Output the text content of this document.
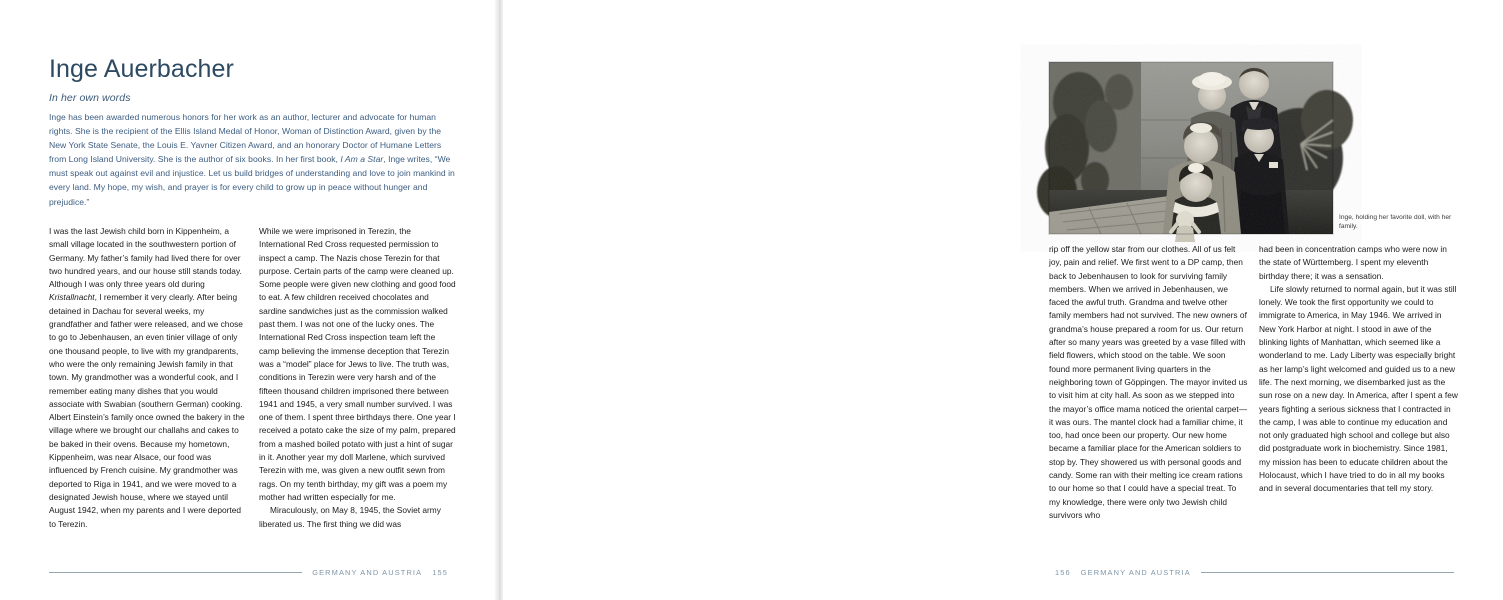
Inge Auerbacher
In her own words

Inge has been awarded numerous honors for her work as an author, lecturer and advocate for human rights. She is the recipient of the Ellis Island Medal of Honor, Woman of Distinction Award, given by the New York State Senate, the Louis E. Yavner Citizen Award, and an honorary Doctor of Humane Letters from Long Island University. She is the author of six books. In her first book, I Am a Star, Inge writes, “We must speak out against evil and injustice. Let us build bridges of understanding and love to join mankind in every land. My hope, my wish, and prayer is for every child to grow up in peace without hunger and prejudice.”

I was the last Jewish child born in Kippenheim, a small village located in the southwestern portion of Germany. My father’s family had lived there for over two hundred years, and our house still stands today. Although I was only three years old during Kristallnacht, I remember it very clearly. After being detained in Dachau for several weeks, my grandfather and father were released, and we chose to go to Jebenhausen, an even tinier village of only one thousand people, to live with my grandparents, who were the only remaining Jewish family in that town. My grandmother was a wonderful cook, and I remember eating many dishes that you would associate with Swabian (southern German) cooking. Albert Einstein’s family once owned the bakery in the village where we brought our challahs and cakes to be baked in their ovens. Because my hometown, Kippenheim, was near Alsace, our food was influenced by French cuisine. My grandmother was deported to Riga in 1941, and we were moved to a designated Jewish house, where we stayed until August 1942, when my parents and I were deported to Terezin.

While we were imprisoned in Terezin, the International Red Cross requested permission to inspect a camp. The Nazis chose Terezin for that purpose. Certain parts of the camp were cleaned up. Some people were given new clothing and good food to eat. A few children received chocolates and sardine sandwiches just as the commission walked past them. I was not one of the lucky ones. The International Red Cross inspection team left the camp believing the immense deception that Terezin was a “model” place for Jews to live. The truth was, conditions in Terezin were very harsh and of the fifteen thousand children imprisoned there between 1941 and 1945, a very small number survived. I was one of them. I spent three birthdays there. One year I received a potato cake the size of my palm, prepared from a mashed boiled potato with just a hint of sugar in it. Another year my doll Marlene, which survived Terezin with me, was given a new outfit sewn from rags. On my tenth birthday, my gift was a poem my mother had written especially for me.

Miraculously, on May 8, 1945, the Soviet army liberated us. The first thing we did was

GERMANY AND AUSTRIA 155
Inge, holding her favorite doll, with her family.

rip off the yellow star from our clothes. All of us felt joy, pain and relief. We first went to a DP camp, then back to Jebenhausen to look for surviving family members. When we arrived in Jebenhausen, we faced the awful truth. Grandma and twelve other family members had not survived. The new owners of grandma’s house prepared a room for us. Our return after so many years was greeted by a vase filled with field flowers, which stood on the table. We soon found more permanent living quarters in the neighboring town of Göppingen. The mayor invited us to visit him at city hall. As soon as we stepped into the mayor’s office mama noticed the oriental carpet—it was ours. The mantel clock had a familiar chime, it too, had once been our property. Our new home became a familiar place for the American soldiers to stop by. They showered us with personal goods and candy. Some ran with their melting ice cream rations to our home so that I could have a special treat. To my knowledge, there were only two Jewish child survivors who

had been in concentration camps who were now in the state of Württemberg. I spent my eleventh birthday there; it was a sensation.

Life slowly returned to normal again, but it was still lonely. We took the first opportunity we could to immigrate to America, in May 1946. We arrived in New York Harbor at night. I stood in awe of the blinking lights of Manhattan, which seemed like a wonderland to me. Lady Liberty was especially bright as her lamp’s light welcomed and guided us to a new life. The next morning, we disembarked just as the sun rose on a new day. In America, after I spent a few years fighting a serious sickness that I contracted in the camp, I was able to continue my education and not only graduated high school and college but also did postgraduate work in biochemistry. Since 1981, my mission has been to educate children about the Holocaust, which I have tried to do in all my books and in several documentaries that tell my story.

156 GERMANY AND AUSTRIA
